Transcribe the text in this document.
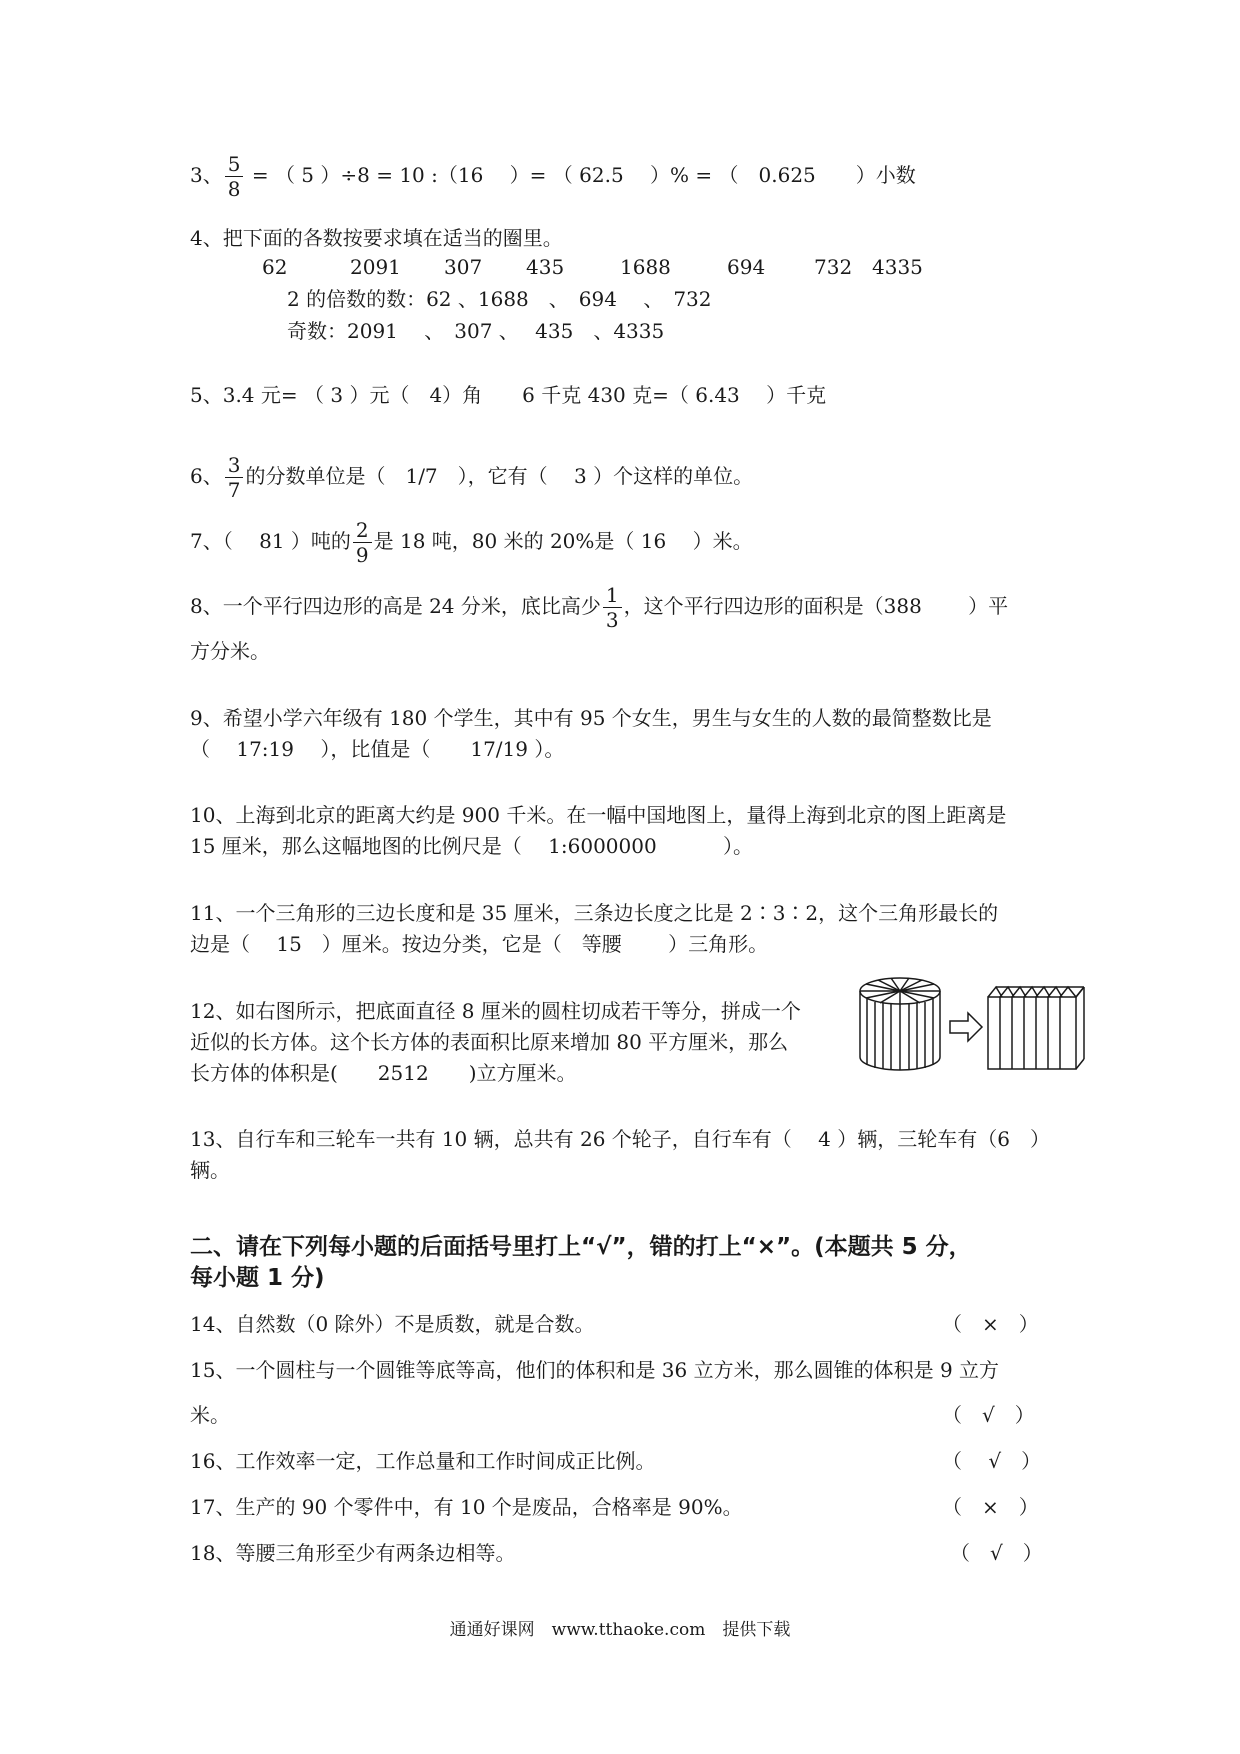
3、 $\frac{5}{8}$ = （ 5 ）÷8 = 10 :（16　 ）= （ 62.5　 ）% = （　0.625　　）小数
4、把下面的各数按要求填在适当的圈里。
62	2091 307 435	1688	694 732 4335
2 的倍数的数：62 、1688　、　694　 、　732
奇数：2091　 、　307 、　 435　、4335
5、3.4 元= （ 3 ）元（　4）角　　6 千克 430 克=（ 6.43　 ）千克
6、 $\frac{3}{7}$ 的分数单位是（　1/7　），它有（　 3 ）个这样的单位。
7、（　 81 ）吨的 $\frac{2}{9}$ 是 18 吨，80 米的 20%是（ 16　 ）米。
8、一个平行四边形的高是 24 分米，底比高少 $\frac{1}{3}$ ，这个平行四边形的面积是（388　　 ）平
方分米。
9、希望小学六年级有 180 个学生，其中有 95 个女生，男生与女生的人数的最简整数比是
（　 17:19　 ），比值是（　　17/19 ）。
10、上海到北京的距离大约是 900 千米。在一幅中国地图上，量得上海到北京的图上距离是
15 厘米，那么这幅地图的比例尺是（　 1:6000000　　　 ）。
11、一个三角形的三边长度和是 35 厘米，三条边长度之比是 2∶3∶2，这个三角形最长的
边是（　 15　）厘米。按边分类，它是（　等腰　　 ）三角形。
12、如右图所示，把底面直径 8 厘米的圆柱切成若干等分，拼成一个
近似的长方体。这个长方体的表面积比原来增加 80 平方厘米，那么
长方体的体积是(　　2512　　)立方厘米。
13、自行车和三轮车一共有 10 辆，总共有 26 个轮子，自行车有（　 4 ）辆，三轮车有（6　）
辆。
二、请在下列每小题的后面括号里打上“√”，错的打上“×”。(本题共 5 分，
每小题 1 分)
14、自然数（0 除外）不是质数，就是合数。	（　×　）
15、一个圆柱与一个圆锥等底等高，他们的体积和是 36 立方米，那么圆锥的体积是 9 立方
米。	（　√　）
16、工作效率一定，工作总量和工作时间成正比例。	（　 √　）
17、生产的 90 个零件中，有 10 个是废品，合格率是 90%。	（　×　）
18、等腰三角形至少有两条边相等。	（　√　）
通通好课网　www.tthaoke.com　提供下载
